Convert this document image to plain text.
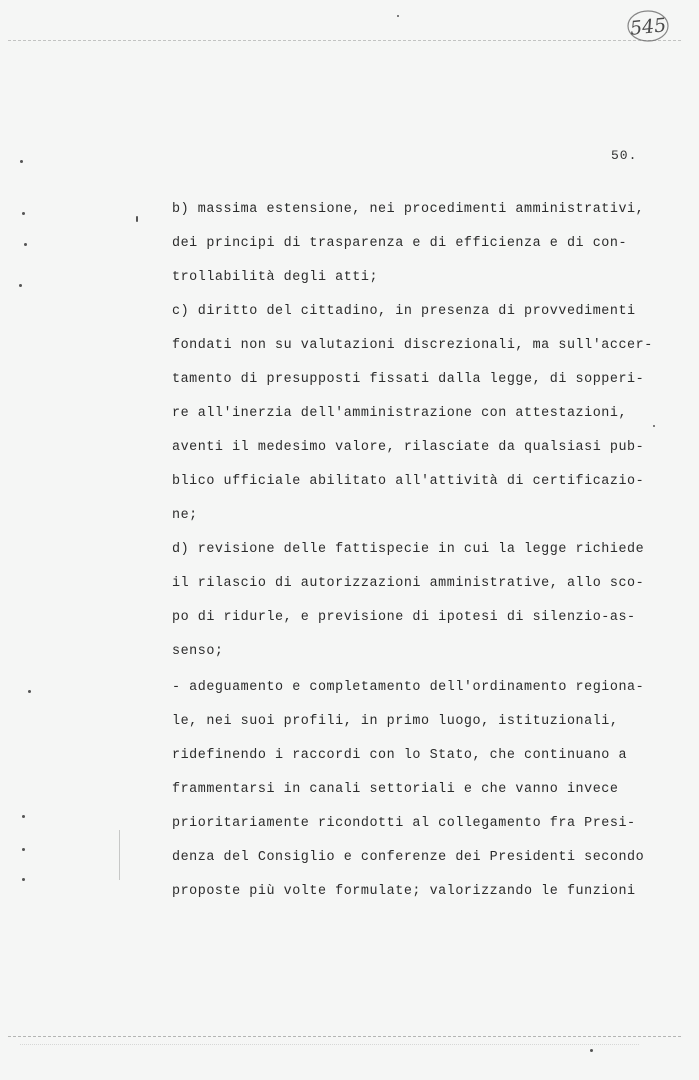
545
50.
b) massima estensione, nei procedimenti amministrativi,
dei principi di trasparenza e di efficienza e di con-
trollabilità degli atti;
c) diritto del cittadino, in presenza di provvedimenti
fondati non su valutazioni discrezionali, ma sull'accer-
tamento di presupposti fissati dalla legge, di sopperi-
re all'inerzia dell'amministrazione con attestazioni,
aventi il medesimo valore, rilasciate da qualsiasi pub-
blico ufficiale abilitato all'attività di certificazio-
ne;
d) revisione delle fattispecie in cui la legge richiede
il rilascio di autorizzazioni amministrative, allo sco-
po di ridurle, e previsione di ipotesi di silenzio-as-
senso;
- adeguamento e completamento dell'ordinamento regiona-
le, nei suoi profili, in primo luogo, istituzionali,
ridefinendo i raccordi con lo Stato, che continuano a
frammentarsi in canali settoriali e che vanno invece
prioritariamente ricondotti al collegamento fra Presi-
denza del Consiglio e conferenze dei Presidenti secondo
proposte più volte formulate; valorizzando le funzioni
